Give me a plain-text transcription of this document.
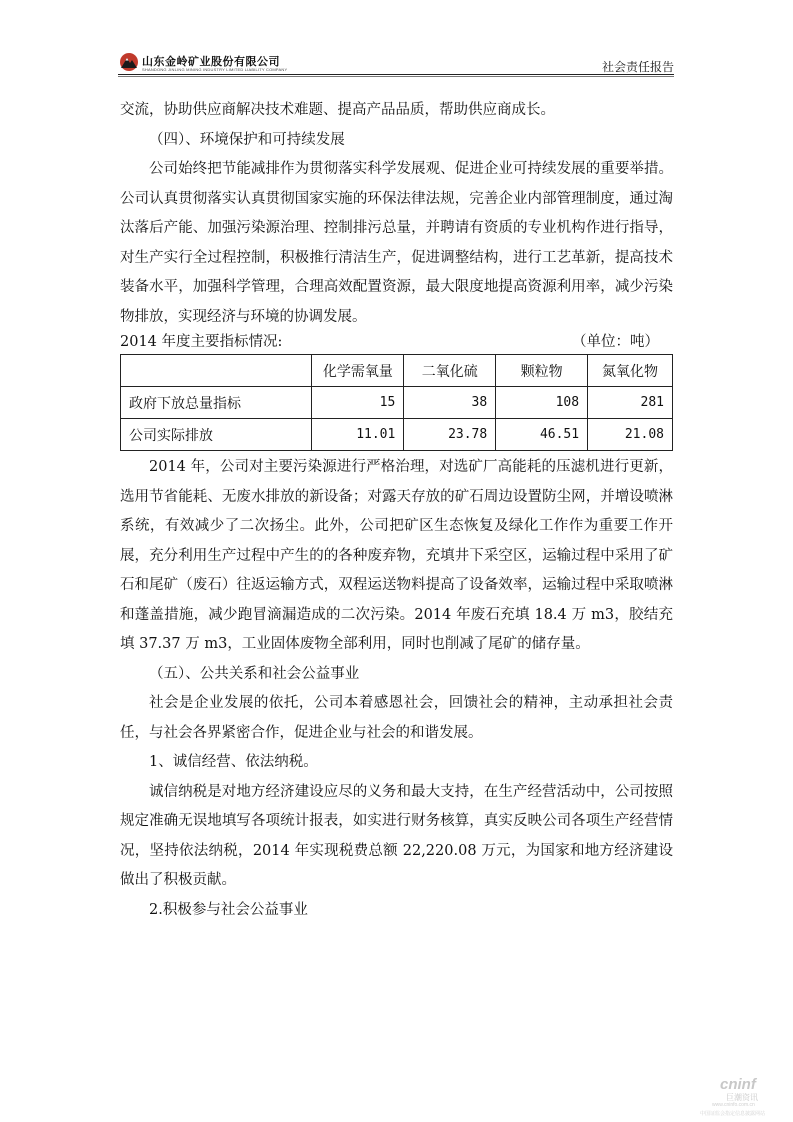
山东金岭矿业股份有限公司
SHANDONG JINLING MINING INDUSTRY LIMITED LIABILITY COMPANY	社会责任报告

交流，协助供应商解决技术难题、提高产品品质，帮助供应商成长。

（四）、环境保护和可持续发展

公司始终把节能减排作为贯彻落实科学发展观、促进企业可持续发展的重要举措。公司认真贯彻落实认真贯彻国家实施的环保法律法规，完善企业内部管理制度，通过淘汰落后产能、加强污染源治理、控制排污总量，并聘请有资质的专业机构作进行指导，对生产实行全过程控制，积极推行清洁生产，促进调整结构，进行工艺革新，提高技术装备水平，加强科学管理，合理高效配置资源，最大限度地提高资源利用率，减少污染物排放，实现经济与环境的协调发展。

2014 年度主要指标情况:	（单位：吨）
	化学需氧量	二氧化硫	颗粒物	氮氧化物
政府下放总量指标	15	38	108	281
公司实际排放	11.01	23.78	46.51	21.08

2014 年，公司对主要污染源进行严格治理，对选矿厂高能耗的压滤机进行更新，选用节省能耗、无废水排放的新设备；对露天存放的矿石周边设置防尘网，并增设喷淋系统，有效减少了二次扬尘。此外，公司把矿区生态恢复及绿化工作作为重要工作开展，充分利用生产过程中产生的的各种废弃物，充填井下采空区，运输过程中采用了矿石和尾矿（废石）往返运输方式，双程运送物料提高了设备效率，运输过程中采取喷淋和蓬盖措施，减少跑冒滴漏造成的二次污染。2014 年废石充填 18.4 万 m3，胶结充填 37.37 万 m3，工业固体废物全部利用，同时也削减了尾矿的储存量。

（五）、公共关系和社会公益事业

社会是企业发展的依托，公司本着感恩社会，回馈社会的精神，主动承担社会责任，与社会各界紧密合作，促进企业与社会的和谐发展。

1、诚信经营、依法纳税。

诚信纳税是对地方经济建设应尽的义务和最大支持，在生产经营活动中，公司按照规定准确无误地填写各项统计报表，如实进行财务核算，真实反映公司各项生产经营情况，坚持依法纳税，2014 年实现税费总额 22,220.08 万元，为国家和地方经济建设做出了积极贡献。

2.积极参与社会公益事业

cninf
巨潮资讯
www.cninfo.com.cn
中国证监会指定信息披露网站
